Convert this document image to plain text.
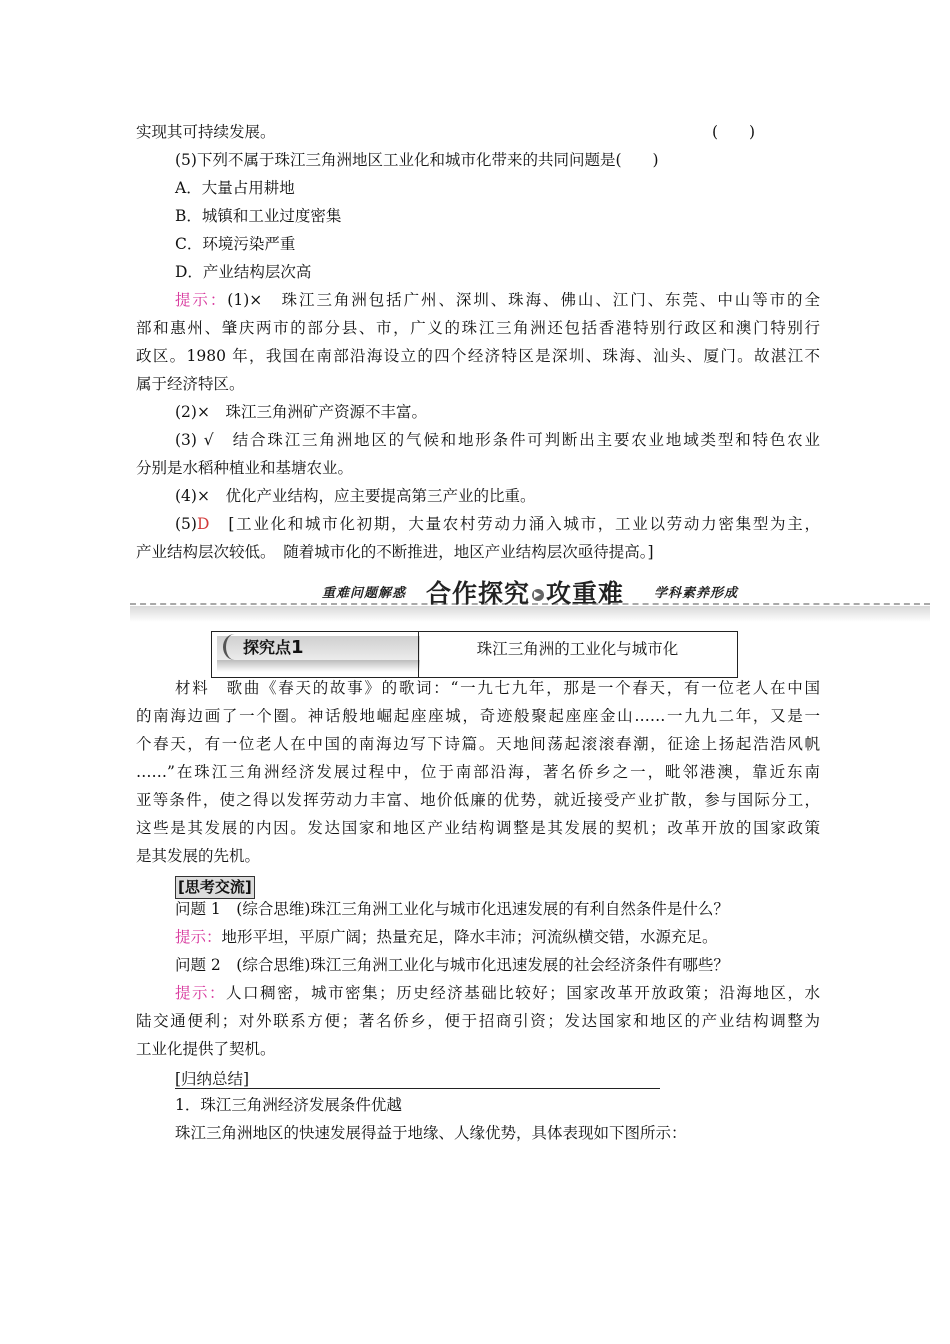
实现其可持续发展。	(　　)
(5)下列不属于珠江三角洲地区工业化和城市化带来的共同问题是(　　)
A．大量占用耕地
B．城镇和工业过度密集
C．环境污染严重
D．产业结构层次高
提示：(1)×　珠江三角洲包括广州、深圳、珠海、佛山、江门、东莞、中山等市的全
部和惠州、肇庆两市的部分县、市，广义的珠江三角洲还包括香港特别行政区和澳门特别行
政区。1980 年，我国在南部沿海设立的四个经济特区是深圳、珠海、汕头、厦门。故湛江不
属于经济特区。
(2)×　珠江三角洲矿产资源不丰富。
(3) √　结合珠江三角洲地区的气候和地形条件可判断出主要农业地域类型和特色农业
分别是水稻种植业和基塘农业。
(4)×　优化产业结构，应主要提高第三产业的比重。
(5)D　[工业化和城市化初期，大量农村劳动力涌入城市，工业以劳动力密集型为主，
产业结构层次较低。　随着城市化的不断推进，地区产业结构层次亟待提高。]
重难问题解惑 合作探究 ▶ 攻重难 学科素养形成
探究点1	珠江三角洲的工业化与城市化
材料　歌曲《春天的故事》的歌词：“一九七九年，那是一个春天，有一位老人在中国
的南海边画了一个圈。神话般地崛起座座城，奇迹般聚起座座金山……一九九二年，又是一
个春天，有一位老人在中国的南海边写下诗篇。天地间荡起滚滚春潮，征途上扬起浩浩风帆
……”在珠江三角洲经济发展过程中，位于南部沿海，著名侨乡之一，毗邻港澳，靠近东南
亚等条件，使之得以发挥劳动力丰富、地价低廉的优势，就近接受产业扩散，参与国际分工，
这些是其发展的内因。发达国家和地区产业结构调整是其发展的契机；改革开放的国家政策
是其发展的先机。
[思考交流]
问题 1　(综合思维)珠江三角洲工业化与城市化迅速发展的有利自然条件是什么？
提示：地形平坦，平原广阔；热量充足，降水丰沛；河流纵横交错，水源充足。
问题 2　(综合思维)珠江三角洲工业化与城市化迅速发展的社会经济条件有哪些？
提示：人口稠密，城市密集；历史经济基础比较好；国家改革开放政策；沿海地区，水
陆交通便利；对外联系方便；著名侨乡，便于招商引资；发达国家和地区的产业结构调整为
工业化提供了契机。
[归纳总结]
1．珠江三角洲经济发展条件优越
珠江三角洲地区的快速发展得益于地缘、人缘优势，具体表现如下图所示：
